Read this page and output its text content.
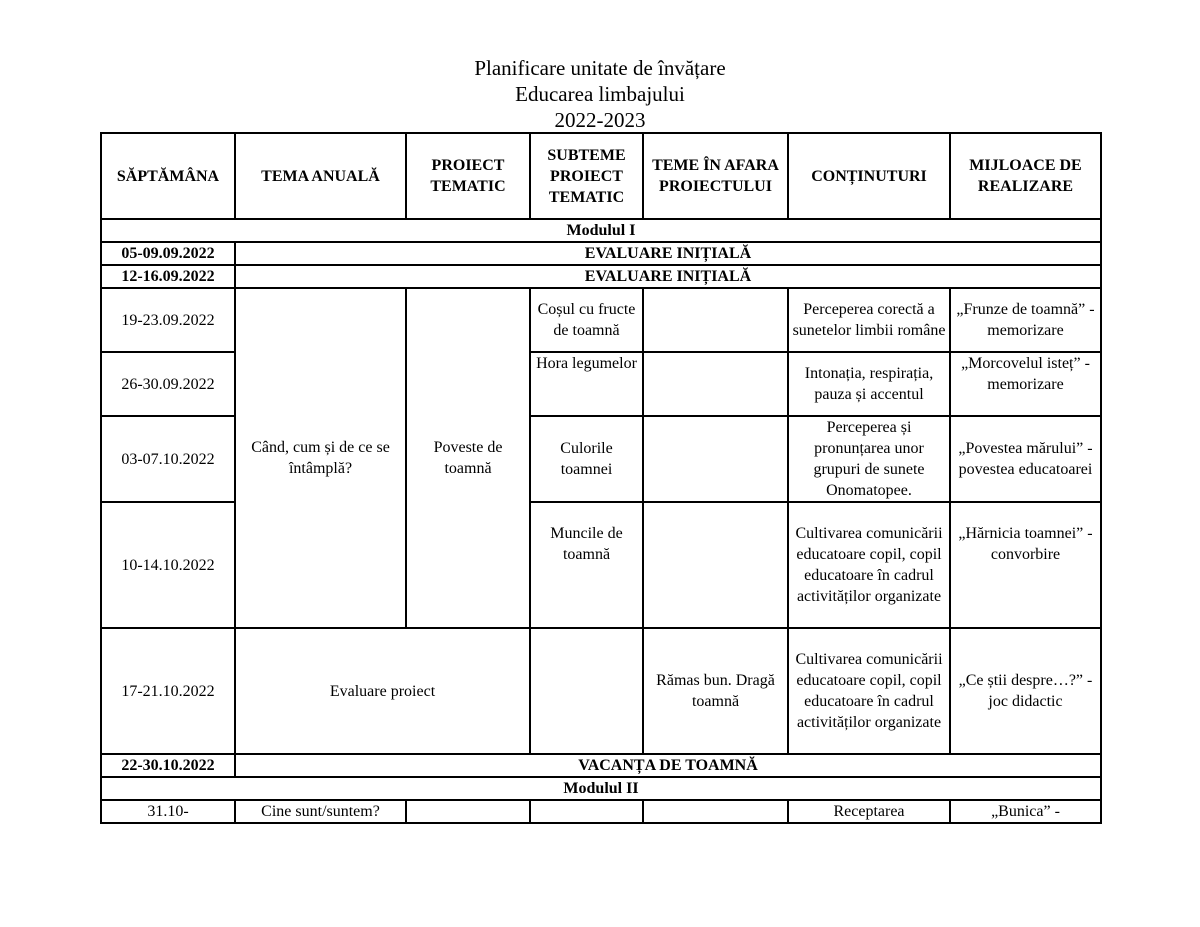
Planificare unitate de învățare
Educarea limbajului
2022-2023
SĂPTĂMÂNA	TEMA ANUALĂ	PROIECT TEMATIC	SUBTEME PROIECT TEMATIC	TEME ÎN AFARA PROIECTULUI	CONȚINUTURI	MIJLOACE DE REALIZARE
Modulul I						
05-09.09.2022	EVALUARE INIȚIALĂ					
12-16.09.2022	EVALUARE INIȚIALĂ					
19-23.09.2022	Când, cum și de ce se întâmplă?	Poveste de toamnă	Coșul cu fructe de toamnă		Perceperea corectă a sunetelor limbii române	„Frunze de toamnă” - memorizare
26-30.09.2022			Hora legumelor		Intonația, respirația, pauza și accentul	„Morcovelul isteț” -memorizare
03-07.10.2022			Culorile toamnei		Perceperea și pronunțarea unor grupuri de sunete Onomatopee.	„Povestea mărului” - povestea educatoarei
10-14.10.2022			Muncile de toamnă		Cultivarea comunicării educatoare copil, copil educatoare în cadrul activităților organizate	„Hărnicia toamnei” - convorbire
17-21.10.2022	Evaluare proiect			Rămas bun. Dragă toamnă	Cultivarea comunicării educatoare copil, copil educatoare în cadrul activităților organizate	„Ce știi despre…?” -joc didactic
22-30.10.2022	VACANȚA DE TOAMNĂ					
Modulul II						
31.10-	Cine sunt/suntem?				Receptarea	„Bunica” -
